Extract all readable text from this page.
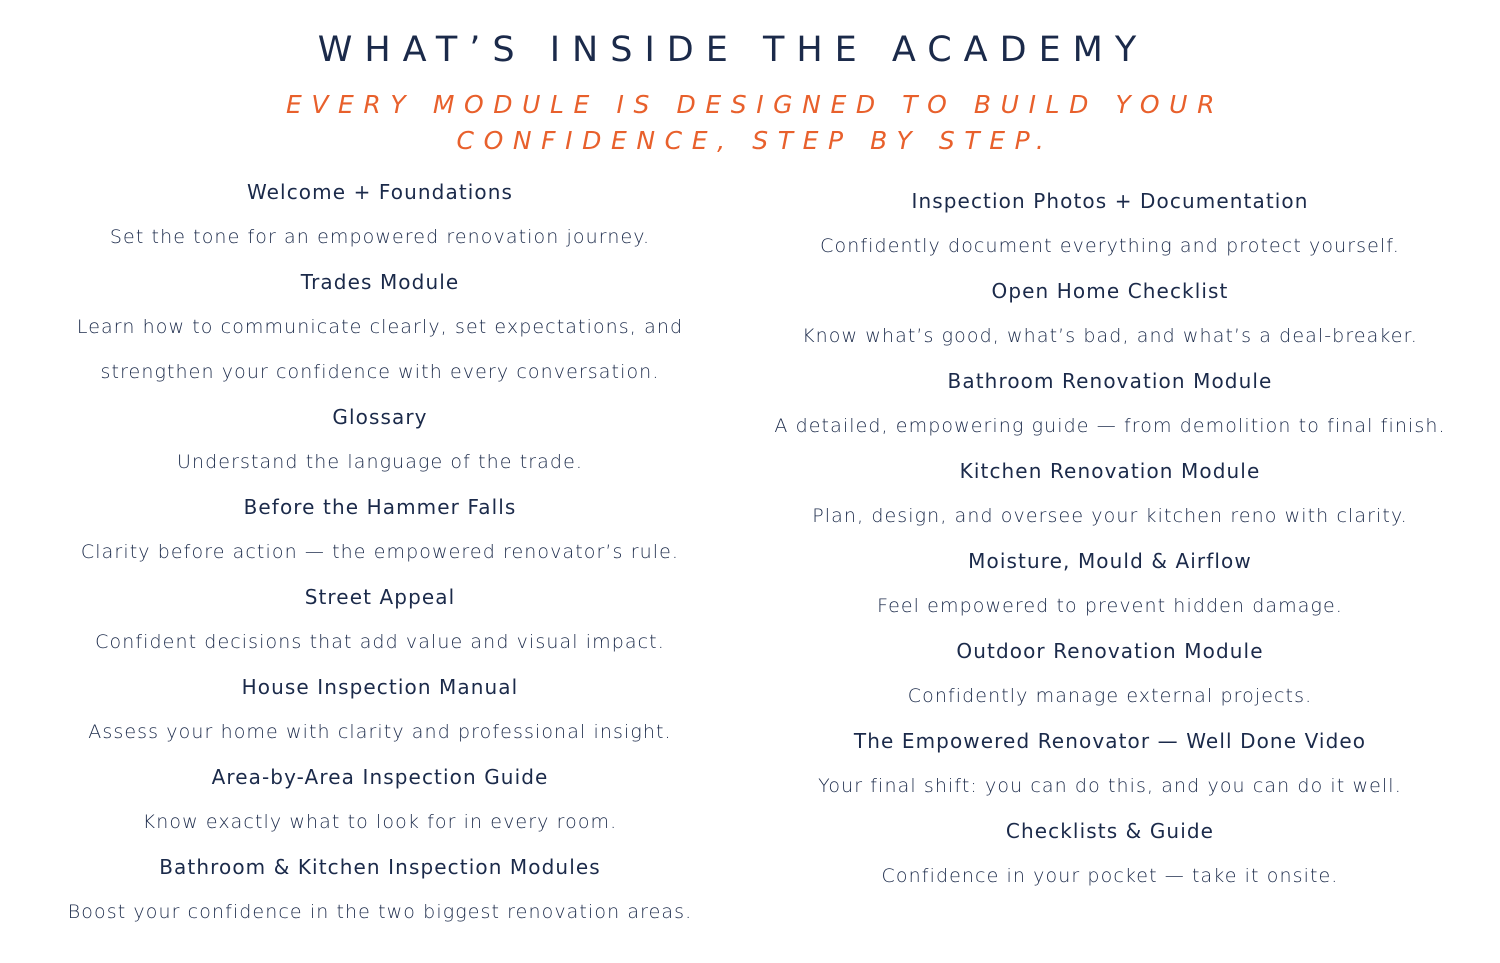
WHAT’S INSIDE THE ACADEMY
EVERY MODULE IS DESIGNED TO BUILD YOUR
CONFIDENCE, STEP BY STEP.
Welcome + Foundations
Set the tone for an empowered renovation journey.
Trades Module
Learn how to communicate clearly, set expectations, and strengthen your confidence with every conversation.
Glossary
Understand the language of the trade.
Before the Hammer Falls
Clarity before action — the empowered renovator’s rule.
Street Appeal
Confident decisions that add value and visual impact.
House Inspection Manual
Assess your home with clarity and professional insight.
Area-by-Area Inspection Guide
Know exactly what to look for in every room.
Bathroom & Kitchen Inspection Modules
Boost your confidence in the two biggest renovation areas.
Inspection Photos + Documentation
Confidently document everything and protect yourself.
Open Home Checklist
Know what’s good, what’s bad, and what’s a deal-breaker.
Bathroom Renovation Module
A detailed, empowering guide — from demolition to final finish.
Kitchen Renovation Module
Plan, design, and oversee your kitchen reno with clarity.
Moisture, Mould & Airflow
Feel empowered to prevent hidden damage.
Outdoor Renovation Module
Confidently manage external projects.
The Empowered Renovator — Well Done Video
Your final shift: you can do this, and you can do it well.
Checklists & Guide
Confidence in your pocket — take it onsite.
